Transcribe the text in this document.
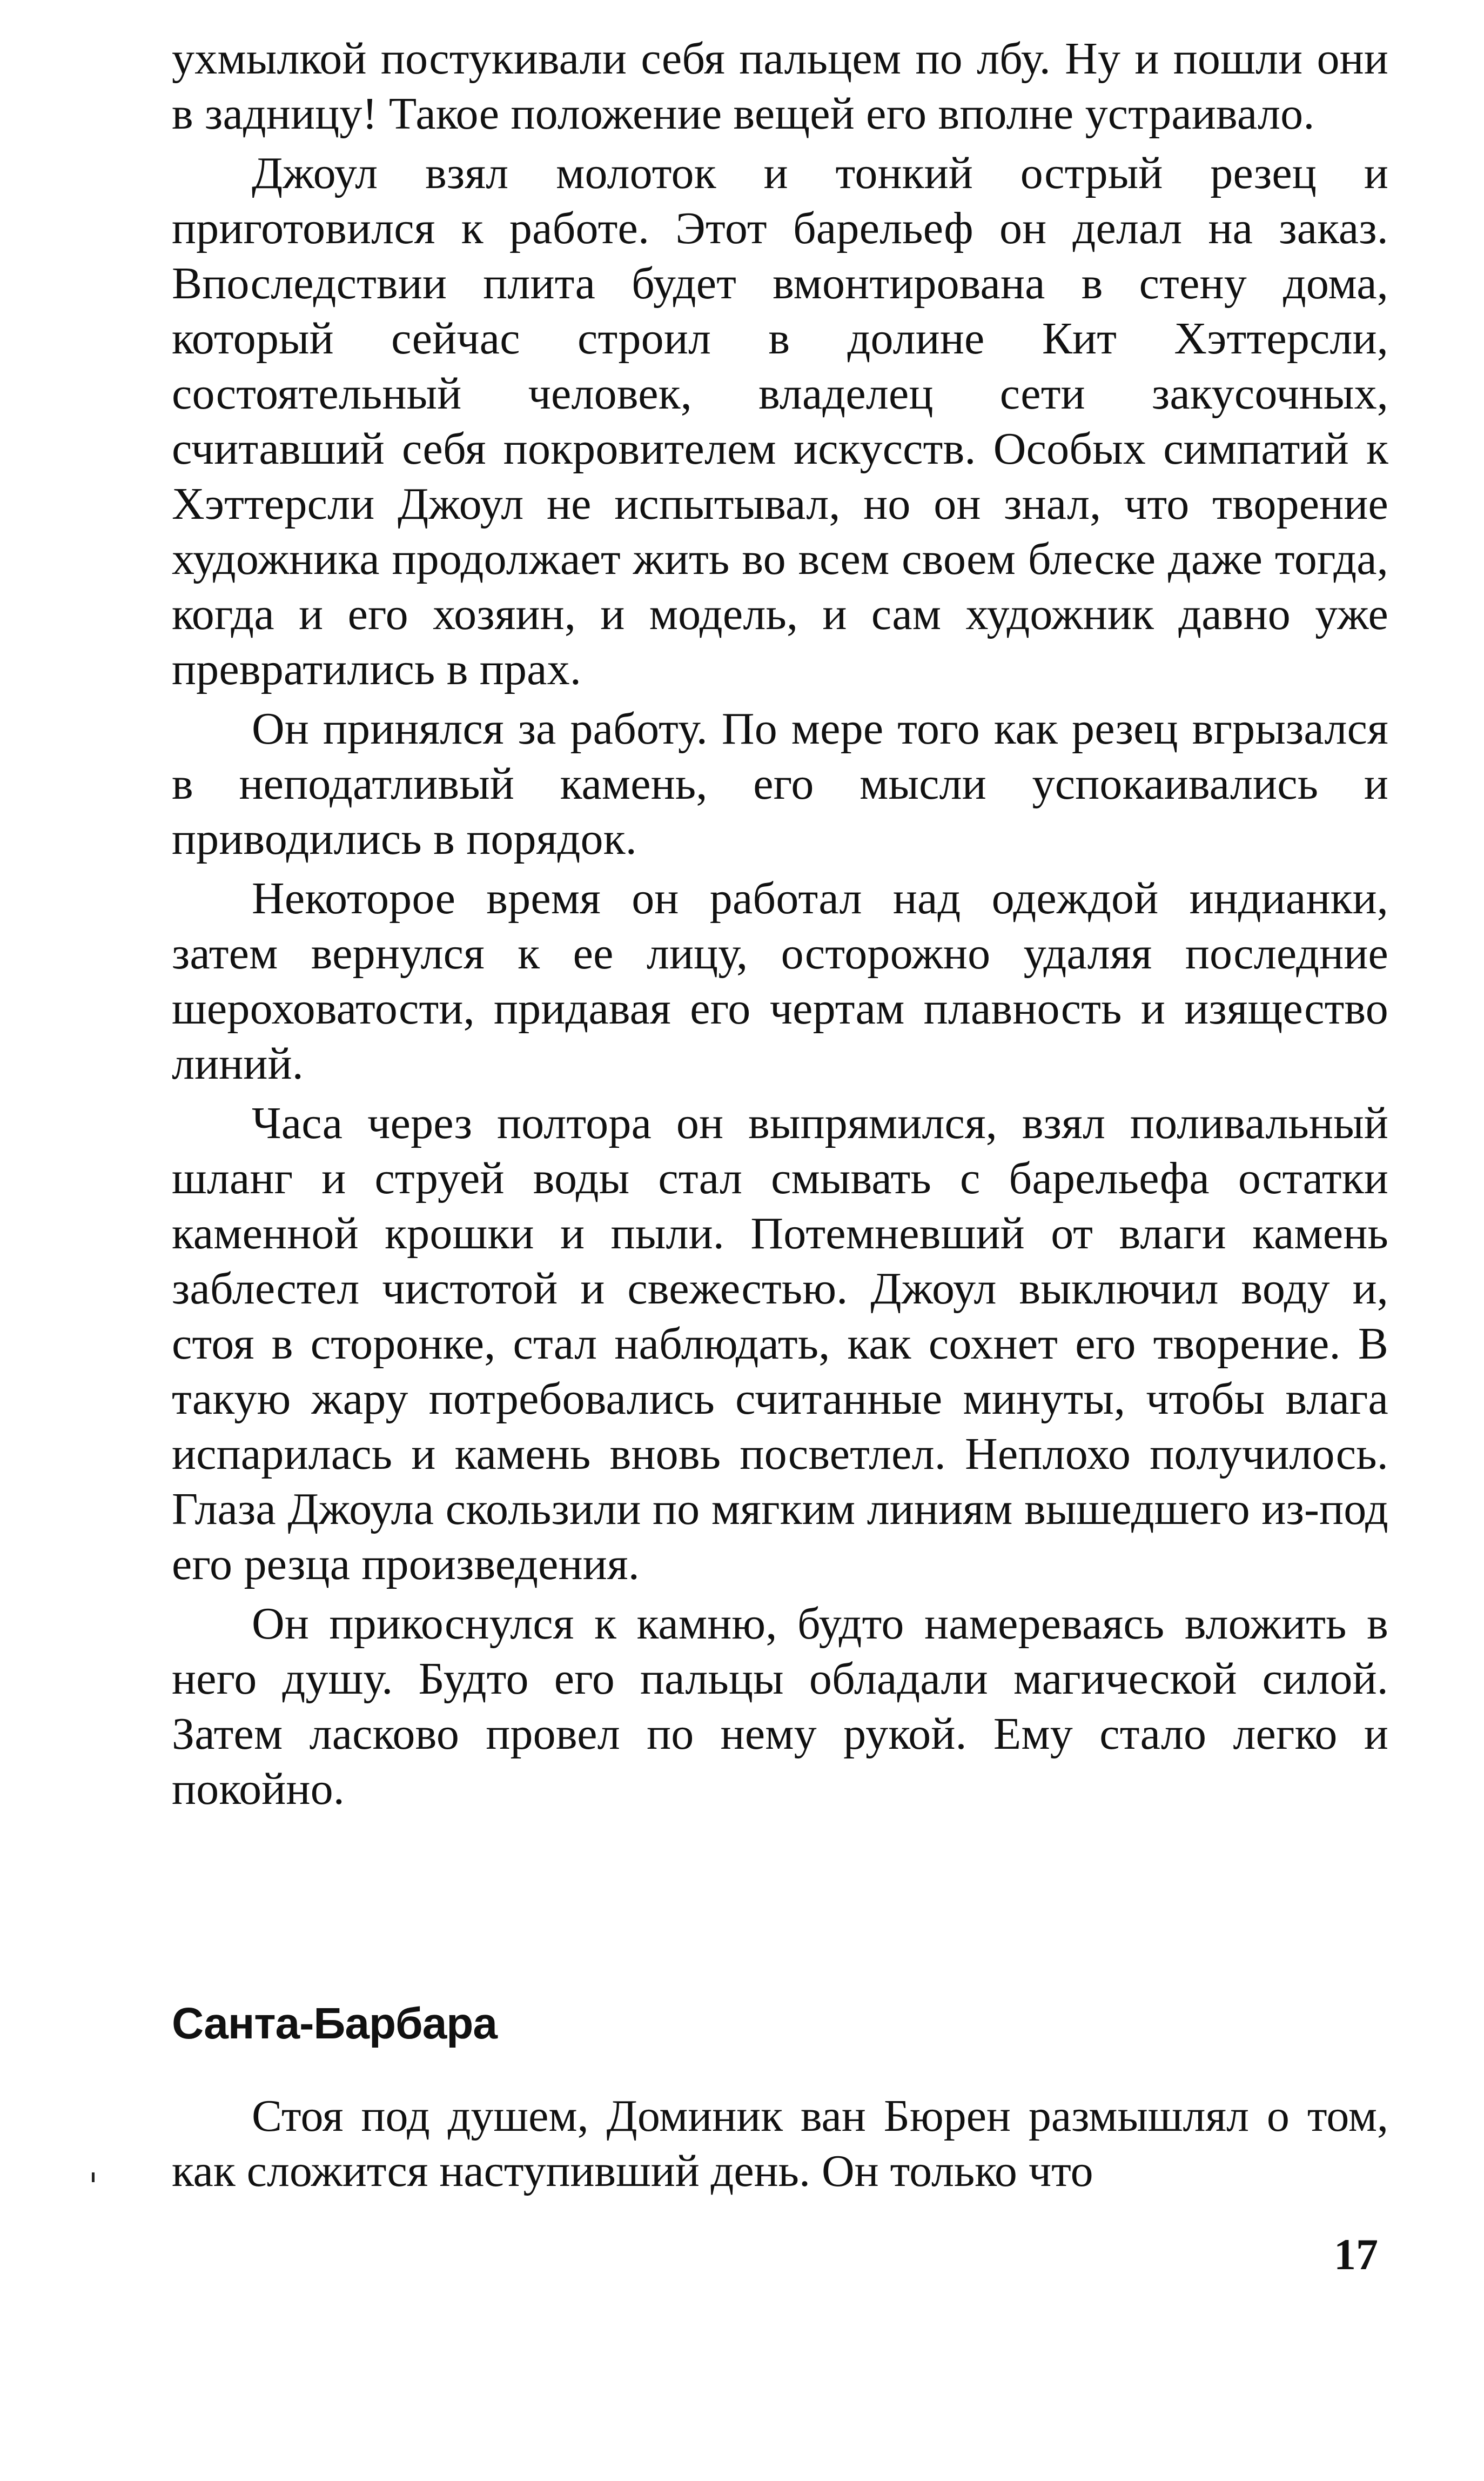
ухмылкой постукивали себя пальцем по лбу. Ну и пошли они в задницу! Такое положение вещей его вполне устраивало.

Джоул взял молоток и тонкий острый резец и приготовился к работе. Этот барельеф он делал на заказ. Впоследствии плита будет вмонтирована в стену дома, который сейчас строил в долине Кит Хэттерсли, состоятельный человек, владелец сети закусочных, считавший себя покровителем искусств. Особых симпатий к Хэттерсли Джоул не испытывал, но он знал, что творение художника продолжает жить во всем своем блеске даже тогда, когда и его хозяин, и модель, и сам художник давно уже превратились в прах.

Он принялся за работу. По мере того как резец вгрызался в неподатливый камень, его мысли успокаивались и приводились в порядок.

Некоторое время он работал над одеждой индианки, затем вернулся к ее лицу, осторожно удаляя последние шероховатости, придавая его чертам плавность и изящество линий.

Часа через полтора он выпрямился, взял поливальный шланг и струей воды стал смывать с барельефа остатки каменной крошки и пыли. Потемневший от влаги камень заблестел чистотой и свежестью. Джоул выключил воду и, стоя в сторонке, стал наблюдать, как сохнет его творение. В такую жару потребовались считанные минуты, чтобы влага испарилась и камень вновь посветлел. Неплохо получилось. Глаза Джоула скользили по мягким линиям вышедшего из-под его резца произведения.

Он прикоснулся к камню, будто намереваясь вложить в него душу. Будто его пальцы обладали магической силой. Затем ласково провел по нему рукой. Ему стало легко и покойно.

Санта-Барбара

Стоя под душем, Доминик ван Бюрен размышлял о том, как сложится наступивший день. Он только что

17
